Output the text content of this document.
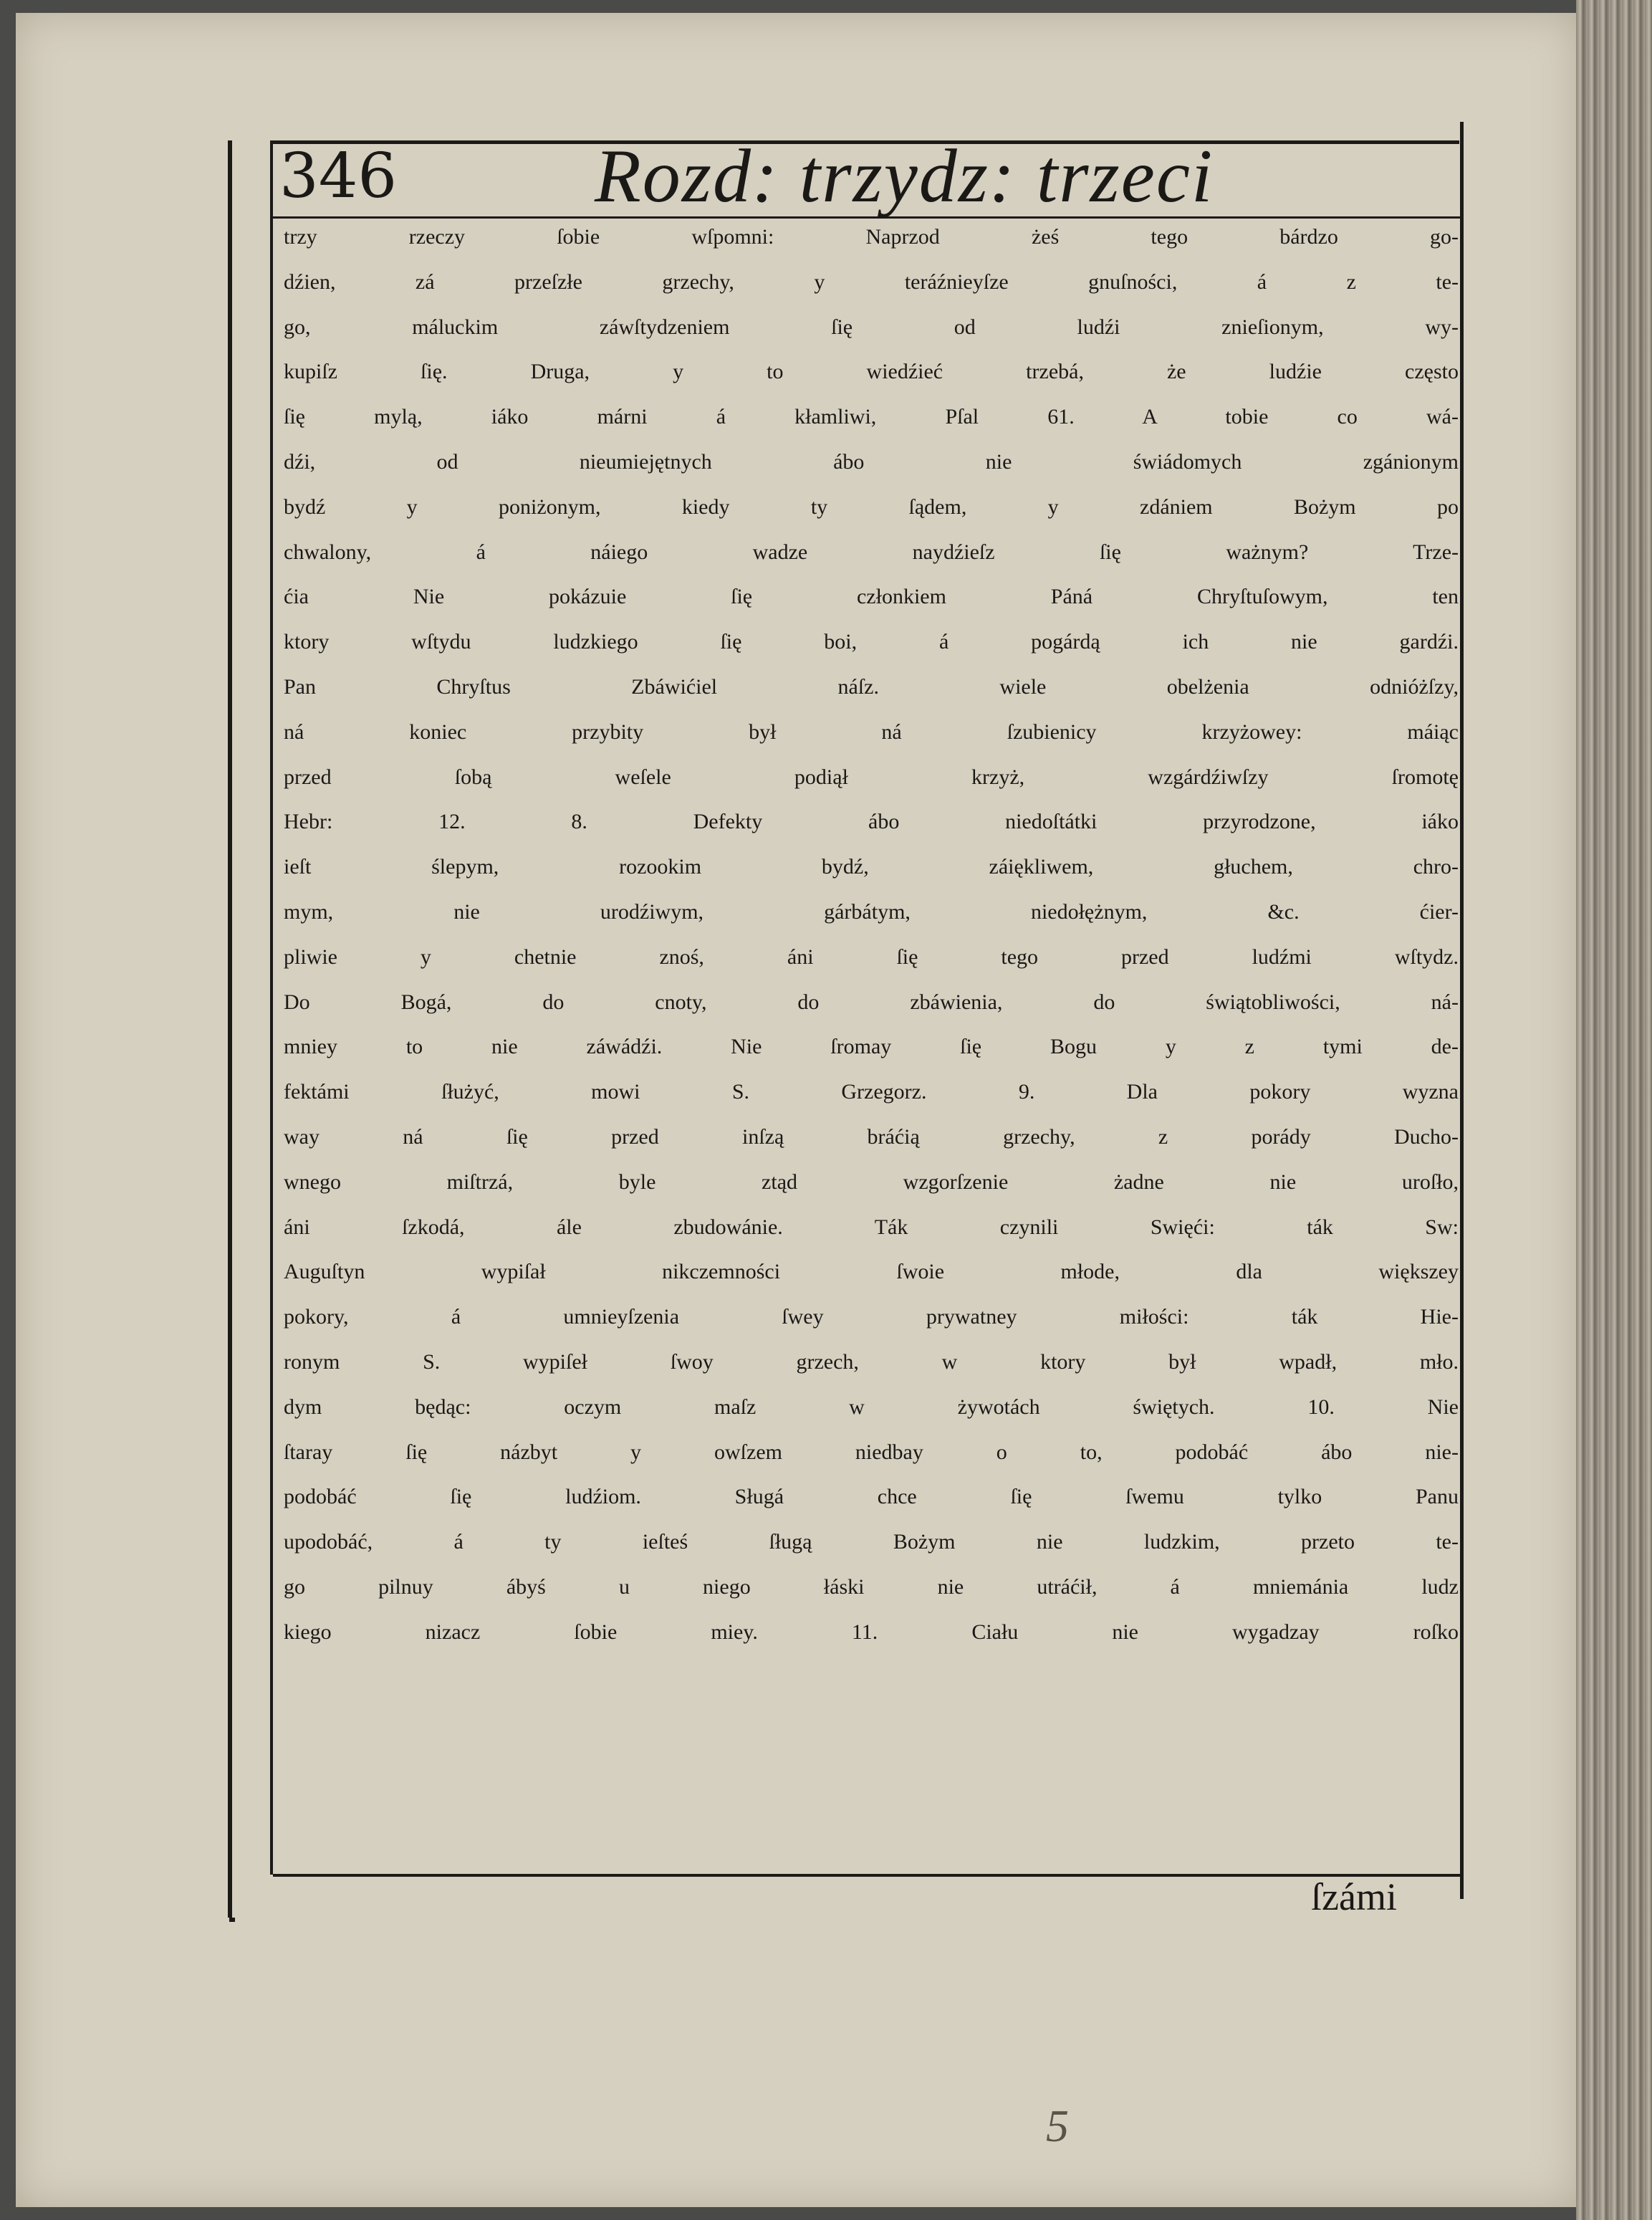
346	Rozd: trzydz: trzeci
trzy rzeczy ſobie wſpomni: Naprzod żeś tego bárdzo go-
dźien, zá przeſzłe grzechy, y teráźnieyſze gnuſności, á z te-
go, máluckim záwſtydzeniem ſię od ludźi znieſionym, wy-
kupiſz ſię. Druga, y to wiedźieć trzebá, że ludźie często
ſię mylą, iáko márni á kłamliwi, Pſal 61. A tobie co wá-
dźi, od nieumiejętnych ábo nie świádomych zgánionym
bydź y poniżonym, kiedy ty ſądem, y zdániem Bożym po
chwalony, á náiego wadze naydźieſz ſię ważnym? Trze-
ćia Nie pokázuie ſię członkiem Páná Chryſtuſowym, ten
ktory wſtydu ludzkiego ſię boi, á pogárdą ich nie gardźi.
Pan Chryſtus Zbáwićiel náſz. wiele obelżenia odnióżſzy,
ná koniec przybity był ná ſzubienicy krzyżowey: máiąc
przed ſobą weſele podiął krzyż, wzgárdźiwſzy ſromotę
Hebr: 12. 8. Defekty ábo niedoſtátki przyrodzone, iáko
ieſt ślepym, rozookim bydź, záiękliwem, głuchem, chro-
mym, nie urodźiwym, gárbátym, niedołężnym, &c. ćier-
pliwie y chetnie znoś, áni ſię tego przed ludźmi wſtydz.
Do Bogá, do cnoty, do zbáwienia, do świątobliwości, ná-
mniey to nie záwádźi. Nie ſromay ſię Bogu y z tymi de-
fektámi ſłużyć, mowi S. Grzegorz. 9. Dla pokory wyzna
way ná ſię przed inſzą bráćią grzechy, z porády Ducho-
wnego miſtrzá, byle ztąd wzgorſzenie żadne nie uroſło,
áni ſzkodá, ále zbudowánie. Ták czynili Swięći: ták Sw:
Auguſtyn wypiſał nikczemności ſwoie młode, dla większey
pokory, á umnieyſzenia ſwey prywatney miłości: ták Hie-
ronym S. wypiſeł ſwoy grzech, w ktory był wpadł, mło.
dym będąc: oczym maſz w żywotách świętych. 10. Nie
ſtaray ſię názbyt y owſzem niedbay o to, podobáć ábo nie-
podobáć ſię ludźiom. Sługá chce ſię ſwemu tylko Panu
upodobáć, á ty ieſteś ſługą Bożym nie ludzkim, przeto te-
go pilnuy ábyś u niego łáski nie utráćił, á mniemánia ludz
kiego nizacz ſobie miey. 11. Ciału nie wygadzay roſko
ſzámi
5
